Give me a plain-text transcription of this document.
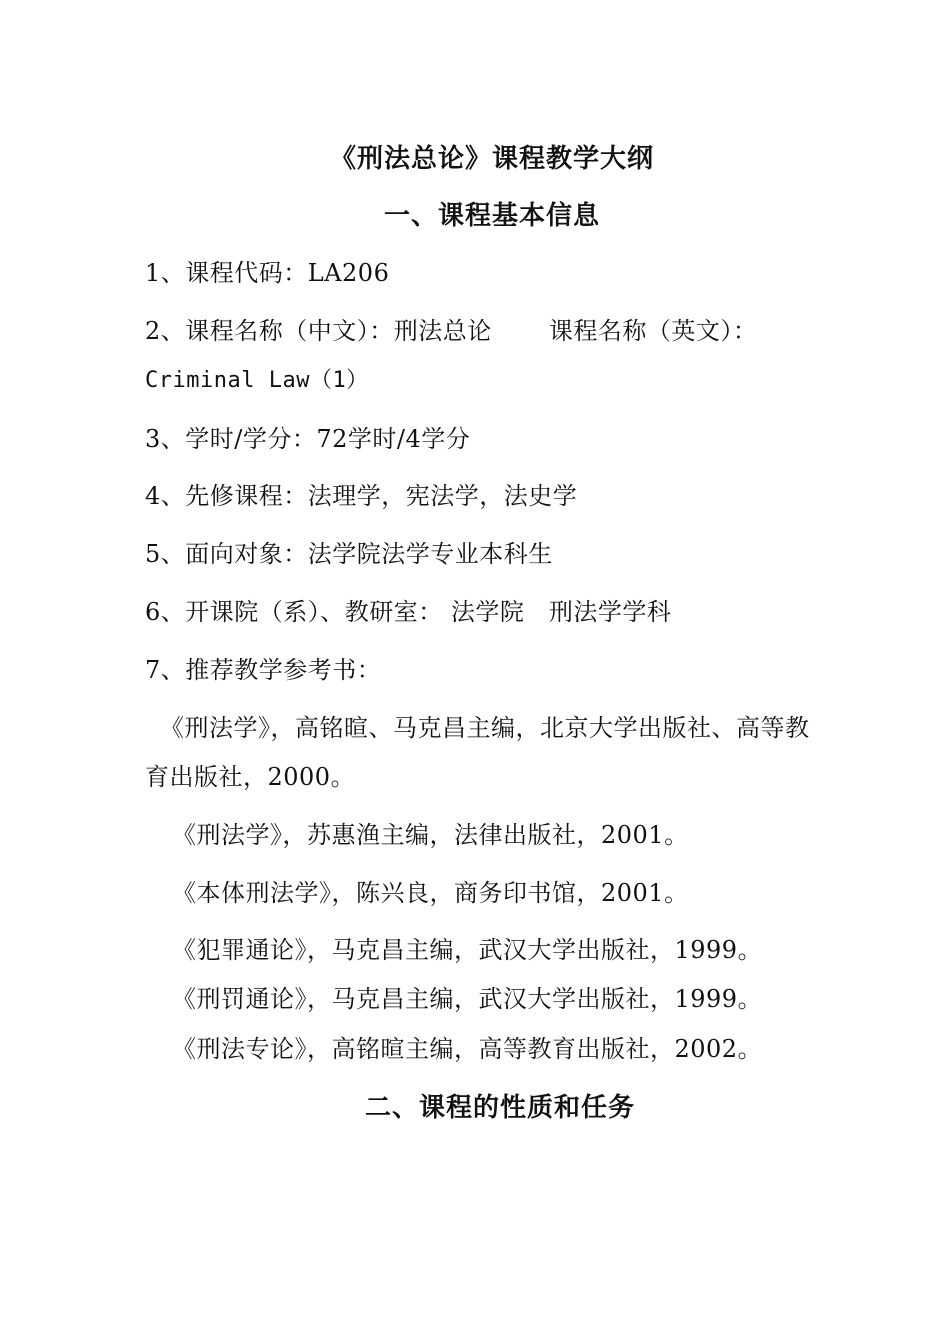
《刑法总论》课程教学大纲
一、课程基本信息
1、课程代码：LA206
2、课程名称（中文）：刑法总论 　　课程名称（英文）：
Criminal Law（1）
3、学时/学分：72学时/4学分
4、先修课程：法理学，宪法学，法史学
5、面向对象：法学院法学专业本科生
6、开课院（系）、教研室： 法学院　刑法学学科
7、推荐教学参考书：
《刑法学》，高铭暄、马克昌主编，北京大学出版社、高等教
育出版社，2000。
《刑法学》，苏惠渔主编，法律出版社，2001。
《本体刑法学》，陈兴良，商务印书馆，2001。
《犯罪通论》，马克昌主编，武汉大学出版社，1999。
《刑罚通论》，马克昌主编，武汉大学出版社，1999。
《刑法专论》，高铭暄主编，高等教育出版社，2002。
二、课程的性质和任务
